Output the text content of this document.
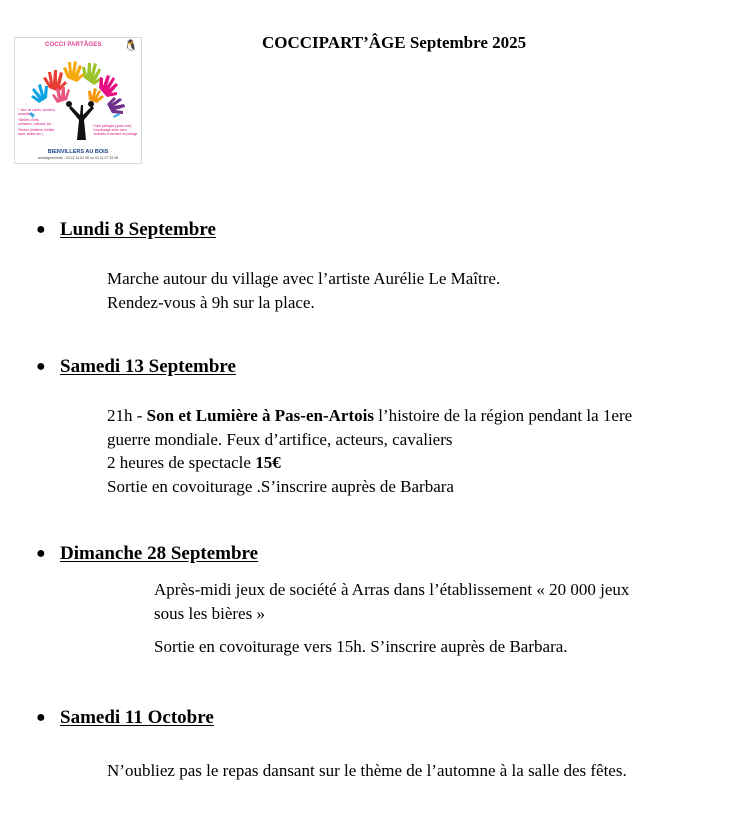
COCCI PARTÂGES 🐧
* Jeux de cartes, dominos,
scrabble...
*Ateliers d'arts,
culinaires, culturels, etc.
*Sorties (théâtres, théâtre,
sport, visites etc.)
*Café partagés (quizz ciné)
*covoiturage entre nous
*activités & moment de partage
BIENVILLERS AU BOIS
renseignements : 03 21 24 61 98 ou 03 21 07 33 38
COCCIPART’ÂGE Septembre 2025
● Lundi 8 Septembre
Marche autour du village avec l’artiste Aurélie Le Maître.
Rendez-vous à 9h sur la place.
● Samedi 13 Septembre
21h - Son et Lumière à Pas-en-Artois l’histoire de la région pendant la 1ere
guerre mondiale. Feux d’artifice, acteurs, cavaliers
2 heures de spectacle 15€
Sortie en covoiturage .S’inscrire auprès de Barbara
● Dimanche 28 Septembre
Après-midi jeux de société à Arras dans l’établissement « 20 000 jeux
sous les bières »
Sortie en covoiturage vers 15h. S’inscrire auprès de Barbara.
● Samedi 11 Octobre
N’oubliez pas le repas dansant sur le thème de l’automne à la salle des fêtes.
